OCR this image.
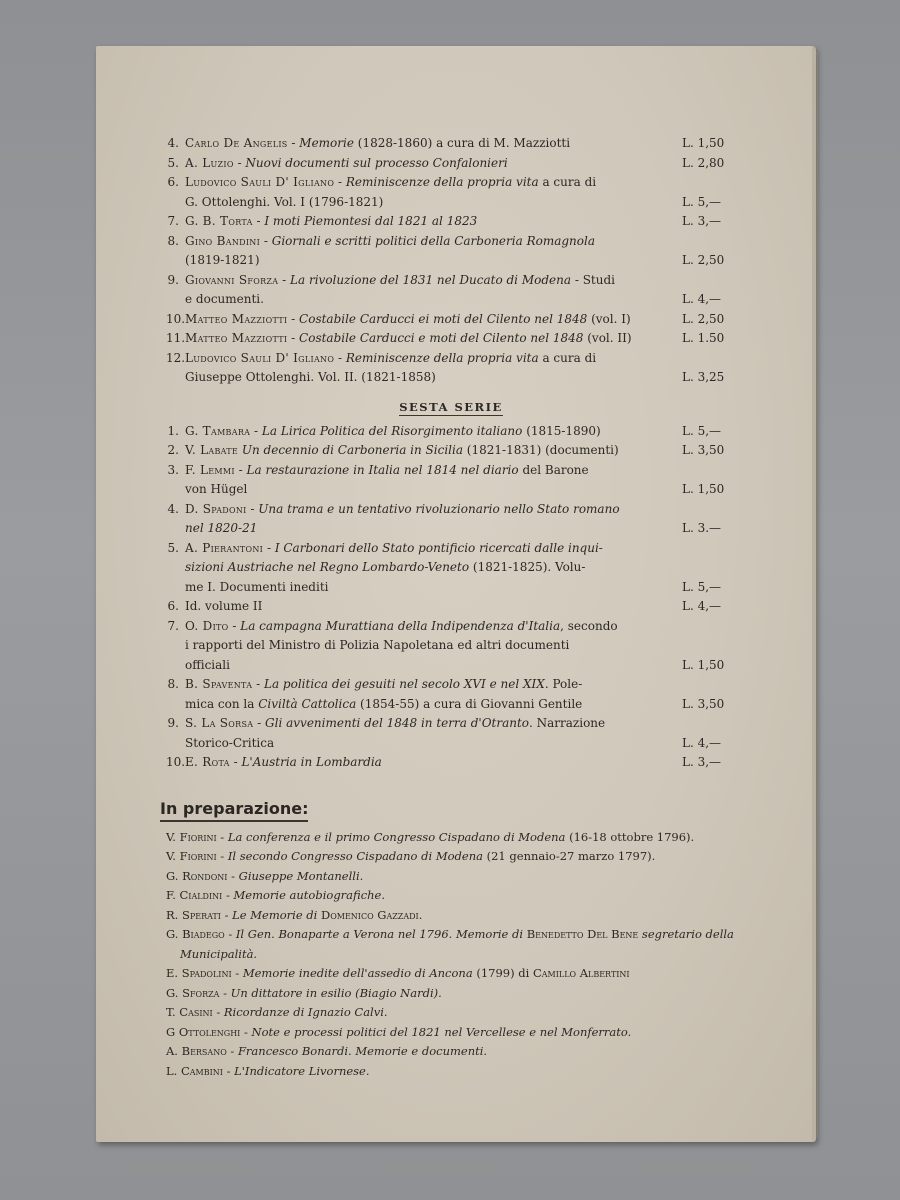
4. Carlo De Angelis - Memorie (1828-1860) a cura di M. Mazziotti	L. 1,50
5. A. Luzio - Nuovi documenti sul processo Confalonieri	L. 2,80
6. Ludovico Sauli D' Igliano - Reminiscenze della propria vita a cura di
G. Ottolenghi. Vol. I (1796-1821)	L. 5,—
7. G. B. Torta - I moti Piemontesi dal 1821 al 1823	L. 3,—
8. Gino Bandini - Giornali e scritti politici della Carboneria Romagnola
(1819-1821)	L. 2,50
9. Giovanni Sforza - La rivoluzione del 1831 nel Ducato di Modena - Studi
e documenti.	L. 4,—
10. Matteo Mazziotti - Costabile Carducci ei moti del Cilento nel 1848 (vol. I)	L. 2,50
11. Matteo Mazziotti - Costabile Carducci e moti del Cilento nel 1848 (vol. II)	L. 1.50
12. Ludovico Sauli D' Igliano - Reminiscenze della propria vita a cura di
Giuseppe Ottolenghi. Vol. II. (1821-1858)	L. 3,25
SESTA SERIE
1. G. Tambara - La Lirica Politica del Risorgimento italiano (1815-1890)	L. 5,—
2. V. Labate Un decennio di Carboneria in Sicilia (1821-1831) (documenti)	L. 3,50
3. F. Lemmi - La restaurazione in Italia nel 1814 nel diario del Barone
von Hügel	L. 1,50
4. D. Spadoni - Una trama e un tentativo rivoluzionario nello Stato romano
nel 1820-21	L. 3.—
5. A. Pierantoni - I Carbonari dello Stato pontificio ricercati dalle inqui-
sizioni Austriache nel Regno Lombardo-Veneto (1821-1825). Volu-
me I. Documenti inediti	L. 5,—
6. Id. volume II	L. 4,—
7. O. Dito - La campagna Murattiana della Indipendenza d'Italia, secondo
i rapporti del Ministro di Polizia Napoletana ed altri documenti
officiali	L. 1,50
8. B. Spaventa - La politica dei gesuiti nel secolo XVI e nel XIX. Pole-
mica con la Civiltà Cattolica (1854-55) a cura di Giovanni Gentile	L. 3,50
9. S. La Sorsa - Gli avvenimenti del 1848 in terra d'Otranto. Narrazione
Storico-Critica	L. 4,—
10. E. Rota - L'Austria in Lombardia	L. 3,—
In preparazione:
V. Fiorini - La conferenza e il primo Congresso Cispadano di Modena (16-18 ottobre 1796).
V. Fiorini - Il secondo Congresso Cispadano di Modena (21 gennaio-27 marzo 1797).
G. Rondoni - Giuseppe Montanelli.
F. Cialdini - Memorie autobiografiche.
R. Sperati - Le Memorie di Domenico Gazzadi.
G. Biadego - Il Gen. Bonaparte a Verona nel 1796. Memorie di Benedetto Del Bene segretario della Municipalità.
E. Spadolini - Memorie inedite dell'assedio di Ancona (1799) di Camillo Albertini
G. Sforza - Un dittatore in esilio (Biagio Nardi).
T. Casini - Ricordanze di Ignazio Calvi.
G Ottolenghi - Note e processi politici del 1821 nel Vercellese e nel Monferrato.
A. Bersano - Francesco Bonardi. Memorie e documenti.
L. Cambini - L'Indicatore Livornese.
